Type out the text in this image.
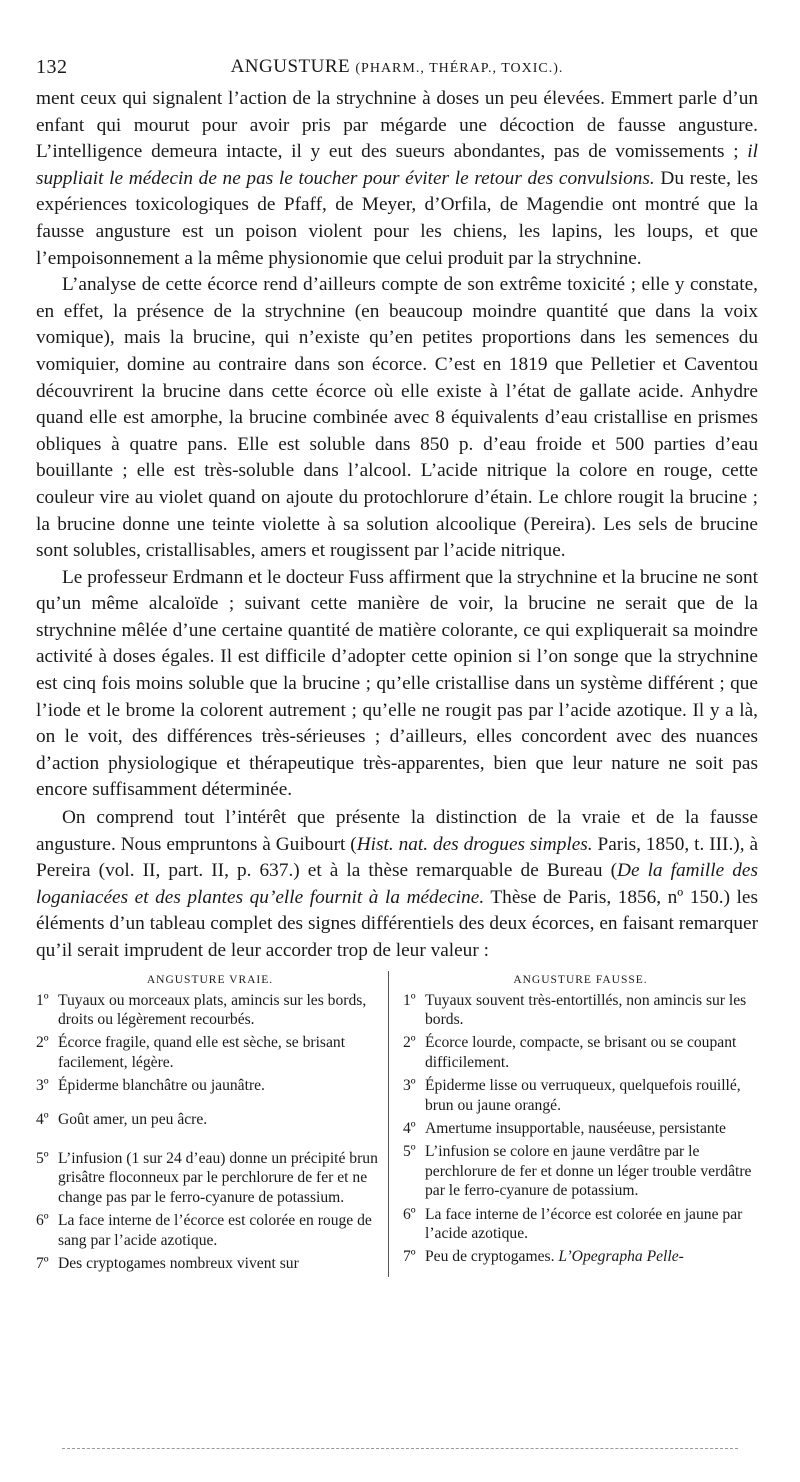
132	ANGUSTURE (PHARM., THÉRAP., TOXIC.).

ment ceux qui signalent l’action de la strychnine à doses un peu élevées. Emmert parle d’un enfant qui mourut pour avoir pris par mégarde une décoction de fausse angusture. L’intelligence demeura intacte, il y eut des sueurs abondantes, pas de vomissements ; il suppliait le médecin de ne pas le toucher pour éviter le retour des convulsions. Du reste, les expériences toxicologiques de Pfaff, de Meyer, d’Orfila, de Magendie ont montré que la fausse angusture est un poison violent pour les chiens, les lapins, les loups, et que l’empoisonnement a la même physionomie que celui produit par la strychnine.

L’analyse de cette écorce rend d’ailleurs compte de son extrême toxicité ; elle y constate, en effet, la présence de la strychnine (en beaucoup moindre quantité que dans la voix vomique), mais la brucine, qui n’existe qu’en petites proportions dans les semences du vomiquier, domine au contraire dans son écorce. C’est en 1819 que Pelletier et Caventou découvrirent la brucine dans cette écorce où elle existe à l’état de gallate acide. Anhydre quand elle est amorphe, la brucine combinée avec 8 équivalents d’eau cristallise en prismes obliques à quatre pans. Elle est soluble dans 850 p. d’eau froide et 500 parties d’eau bouillante ; elle est très-soluble dans l’alcool. L’acide nitrique la colore en rouge, cette couleur vire au violet quand on ajoute du protochlorure d’étain. Le chlore rougit la brucine ; la brucine donne une teinte violette à sa solution alcoolique (Pereira). Les sels de brucine sont solubles, cristallisables, amers et rougissent par l’acide nitrique.

Le professeur Erdmann et le docteur Fuss affirment que la strychnine et la brucine ne sont qu’un même alcaloïde ; suivant cette manière de voir, la brucine ne serait que de la strychnine mêlée d’une certaine quantité de matière colorante, ce qui expliquerait sa moindre activité à doses égales. Il est difficile d’adopter cette opinion si l’on songe que la strychnine est cinq fois moins soluble que la brucine ; qu’elle cristallise dans un système différent ; que l’iode et le brome la colorent autrement ; qu’elle ne rougit pas par l’acide azotique. Il y a là, on le voit, des différences très-sérieuses ; d’ailleurs, elles concordent avec des nuances d’action physiologique et thérapeutique très-apparentes, bien que leur nature ne soit pas encore suffisamment déterminée.

On comprend tout l’intérêt que présente la distinction de la vraie et de la fausse angusture. Nous empruntons à Guibourt (Hist. nat. des drogues simples. Paris, 1850, t. III.), à Pereira (vol. II, part. II, p. 637.) et à la thèse remarquable de Bureau (De la famille des loganiacées et des plantes qu’elle fournit à la médecine. Thèse de Paris, 1856, nº 150.) les éléments d’un tableau complet des signes différentiels des deux écorces, en faisant remarquer qu’il serait imprudent de leur accorder trop de leur valeur :

ANGUSTURE VRAIE.
1º Tuyaux ou morceaux plats, amincis sur les bords, droits ou légèrement recourbés.
2º Écorce fragile, quand elle est sèche, se brisant facilement, légère.
3º Épiderme blanchâtre ou jaunâtre.
4º Goût amer, un peu âcre.
5º L’infusion (1 sur 24 d’eau) donne un précipité brun grisâtre floconneux par le perchlorure de fer et ne change pas par le ferro-cyanure de potassium.
6º La face interne de l’écorce est colorée en rouge de sang par l’acide azotique.
7º Des cryptogames nombreux vivent sur
ANGUSTURE FAUSSE.
1º Tuyaux souvent très-entortillés, non amincis sur les bords.
2º Écorce lourde, compacte, se brisant ou se coupant difficilement.
3º Épiderme lisse ou verruqueux, quelquefois rouillé, brun ou jaune orangé.
4º Amertume insupportable, nauséeuse, persistante
5º L’infusion se colore en jaune verdâtre par le perchlorure de fer et donne un léger trouble verdâtre par le ferro-cyanure de potassium.
6º La face interne de l’écorce est colorée en jaune par l’acide azotique.
7º Peu de cryptogames. L’Opegrapha Pelle-
